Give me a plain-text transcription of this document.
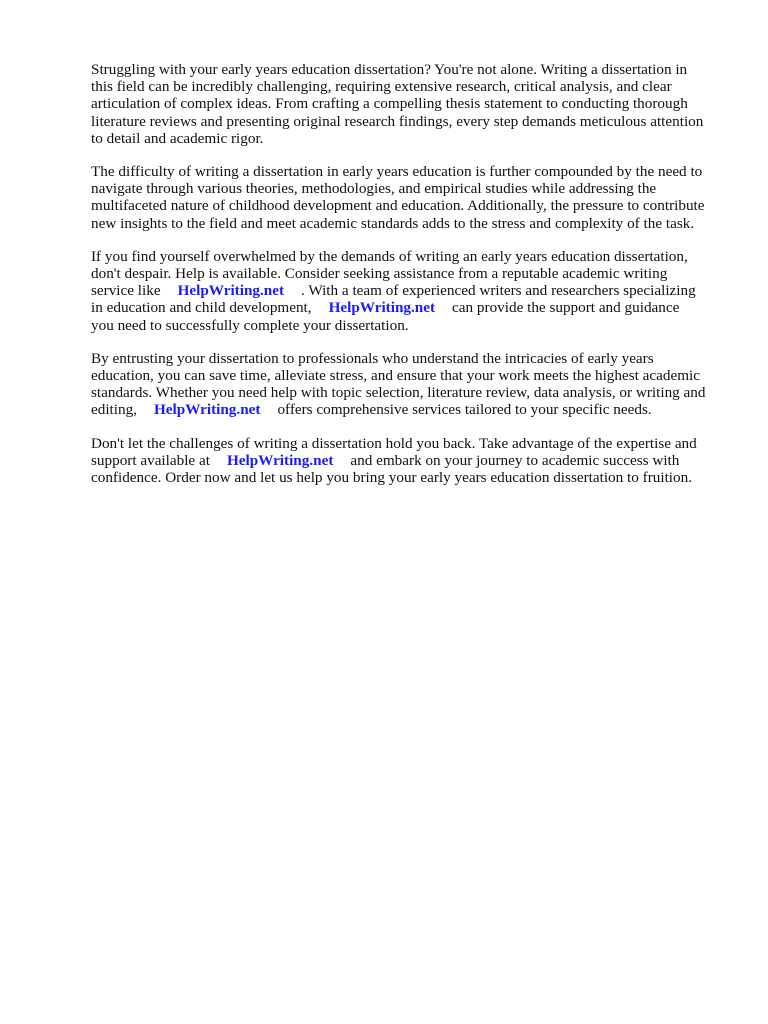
Struggling with your early years education dissertation? You're not alone. Writing a dissertation in
this field can be incredibly challenging, requiring extensive research, critical analysis, and clear
articulation of complex ideas. From crafting a compelling thesis statement to conducting thorough
literature reviews and presenting original research findings, every step demands meticulous attention
to detail and academic rigor.

The difficulty of writing a dissertation in early years education is further compounded by the need to
navigate through various theories, methodologies, and empirical studies while addressing the
multifaceted nature of childhood development and education. Additionally, the pressure to contribute
new insights to the field and meet academic standards adds to the stress and complexity of the task.

If you find yourself overwhelmed by the demands of writing an early years education dissertation,
don't despair. Help is available. Consider seeking assistance from a reputable academic writing
service like HelpWriting.net . With a team of experienced writers and researchers specializing
in education and child development, HelpWriting.net can provide the support and guidance
you need to successfully complete your dissertation.

By entrusting your dissertation to professionals who understand the intricacies of early years
education, you can save time, alleviate stress, and ensure that your work meets the highest academic
standards. Whether you need help with topic selection, literature review, data analysis, or writing and
editing, HelpWriting.net offers comprehensive services tailored to your specific needs.

Don't let the challenges of writing a dissertation hold you back. Take advantage of the expertise and
support available at HelpWriting.net and embark on your journey to academic success with
confidence. Order now and let us help you bring your early years education dissertation to fruition.
